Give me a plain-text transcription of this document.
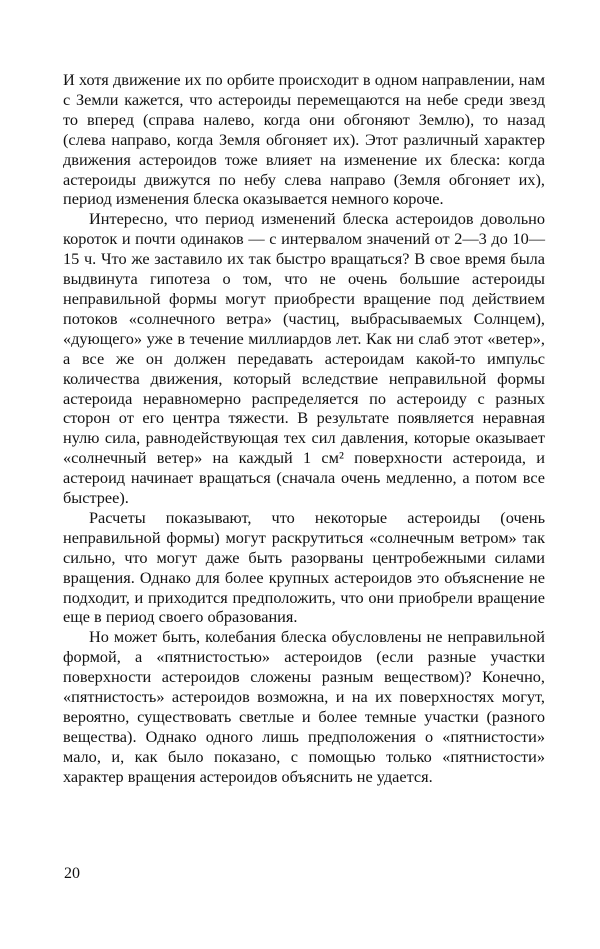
И хотя движение их по орбите происходит в одном направлении, нам с Земли кажется, что астероиды перемещаются на небе среди звезд то вперед (справа налево, когда они обгоняют Землю), то назад (слева направо, когда Земля обгоняет их). Этот различный характер движения астероидов тоже влияет на изменение их блеска: когда астероиды движутся по небу слева направо (Земля обгоняет их), период изменения блеска оказывается немного короче.

Интересно, что период изменений блеска астероидов довольно короток и почти одинаков — с интервалом значений от 2—3 до 10—15 ч. Что же заставило их так быстро вращаться? В свое время была выдвинута гипотеза о том, что не очень большие астероиды неправильной формы могут приобрести вращение под действием потоков «солнечного ветра» (частиц, выбрасываемых Солнцем), «дующего» уже в течение миллиардов лет. Как ни слаб этот «ветер», а все же он должен передавать астероидам какой-то импульс количества движения, который вследствие неправильной формы астероида неравномерно распределяется по астероиду с разных сторон от его центра тяжести. В результате появляется неравная нулю сила, равнодействующая тех сил давления, которые оказывает «солнечный ветер» на каждый 1 см² поверхности астероида, и астероид начинает вращаться (сначала очень медленно, а потом все быстрее).

Расчеты показывают, что некоторые астероиды (очень неправильной формы) могут раскрутиться «солнечным ветром» так сильно, что могут даже быть разорваны центробежными силами вращения. Однако для более крупных астероидов это объяснение не подходит, и приходится предположить, что они приобрели вращение еще в период своего образования.

Но может быть, колебания блеска обусловлены не неправильной формой, а «пятнистостью» астероидов (если разные участки поверхности астероидов сложены разным веществом)? Конечно, «пятнистость» астероидов возможна, и на их поверхностях могут, вероятно, существовать светлые и более темные участки (разного вещества). Однако одного лишь предположения о «пятнистости» мало, и, как было показано, с помощью только «пятнистости» характер вращения астероидов объяснить не удается.

20
